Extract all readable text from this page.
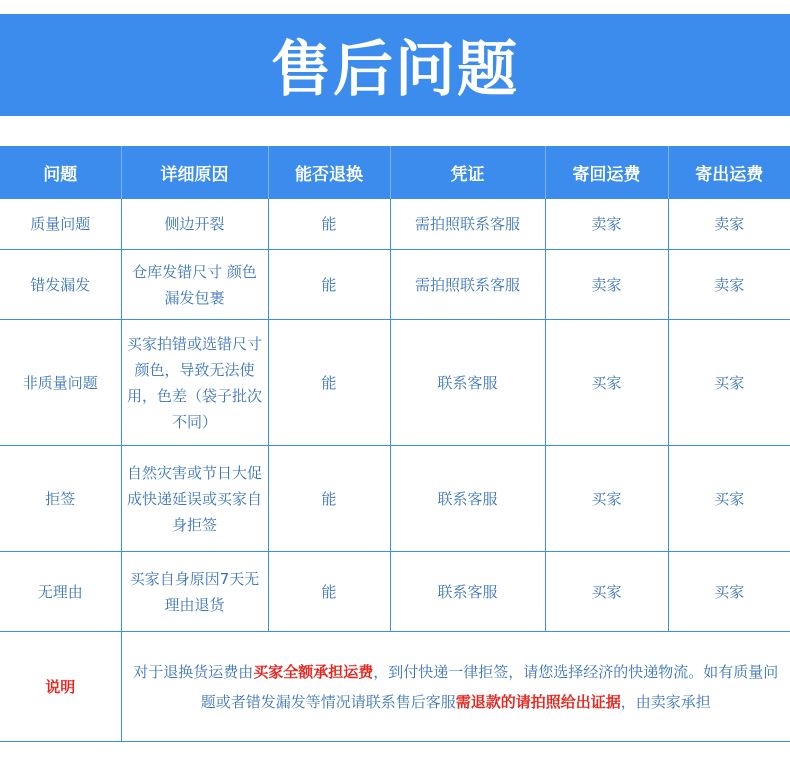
售后问题
问题	详细原因	能否退换	凭证	寄回运费	寄出运费
质量问题	侧边开裂	能	需拍照联系客服	卖家	卖家
错发漏发	仓库发错尺寸 颜色漏发包裹	能	需拍照联系客服	卖家	卖家
非质量问题	买家拍错或选错尺寸颜色，导致无法使用，色差（袋子批次不同）	能	联系客服	买家	买家
拒签	自然灾害或节日大促成快递延误或买家自身拒签	能	联系客服	买家	买家
无理由	买家自身原因7天无理由退货	能	联系客服	买家	买家
说明	对于退换货运费由买家全额承担运费，到付快递一律拒签，请您选择经济的快递物流。如有质量问题或者错发漏发等情况请联系售后客服需退款的请拍照给出证据，由卖家承担				
